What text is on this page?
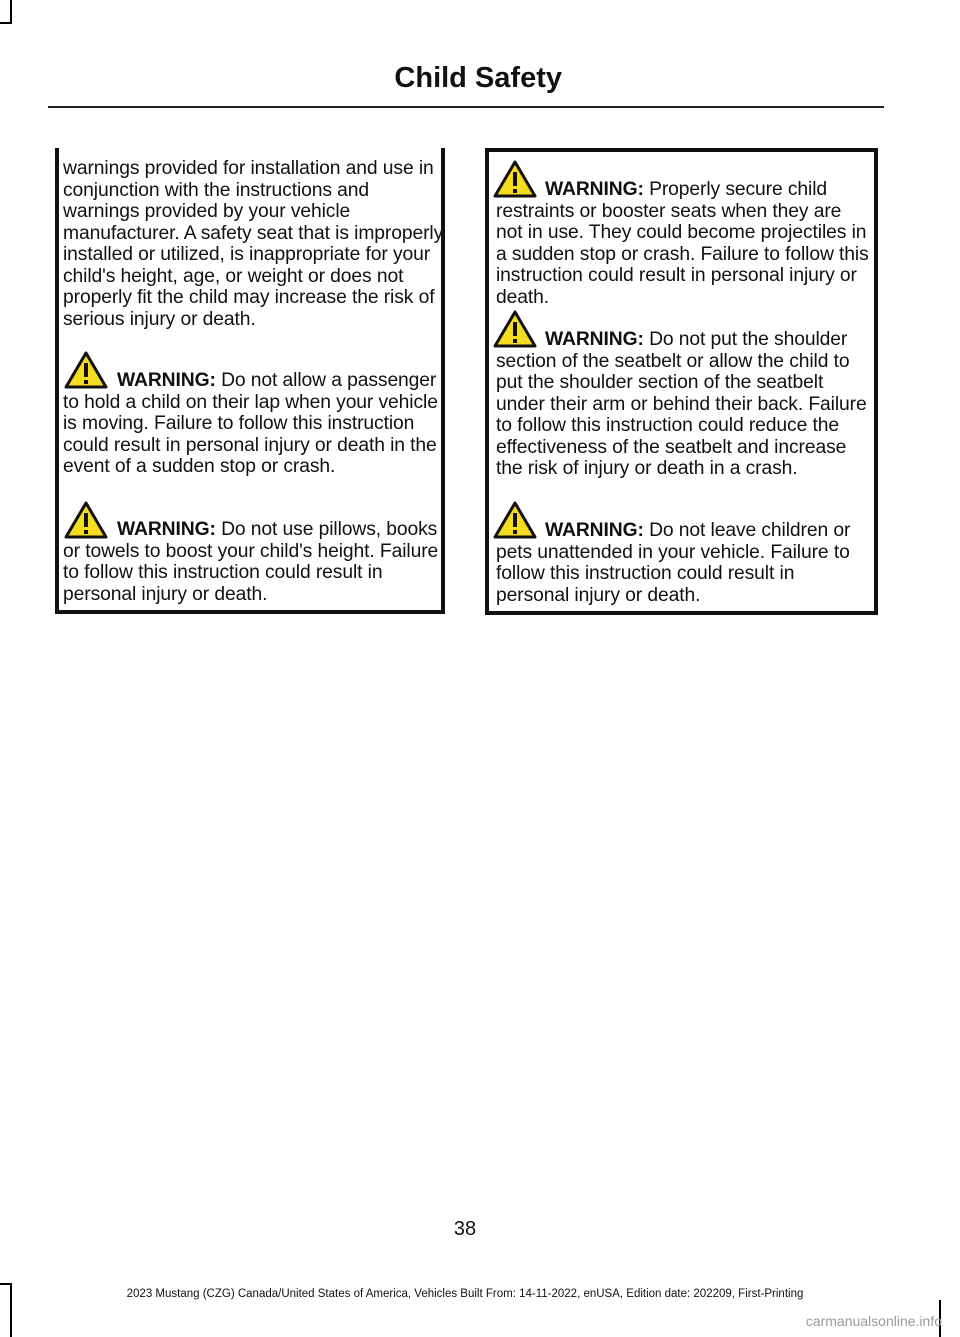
Child Safety

warnings provided for installation and use in conjunction with the instructions and warnings provided by your vehicle manufacturer. A safety seat that is improperly installed or utilized, is inappropriate for your child's height, age, or weight or does not properly fit the child may increase the risk of serious injury or death.

WARNING: Do not allow a passenger to hold a child on their lap when your vehicle is moving. Failure to follow this instruction could result in personal injury or death in the event of a sudden stop or crash.

WARNING: Do not use pillows, books or towels to boost your child's height. Failure to follow this instruction could result in personal injury or death.

WARNING: Properly secure child restraints or booster seats when they are not in use. They could become projectiles in a sudden stop or crash. Failure to follow this instruction could result in personal injury or death.

WARNING: Do not put the shoulder section of the seatbelt or allow the child to put the shoulder section of the seatbelt under their arm or behind their back. Failure to follow this instruction could reduce the effectiveness of the seatbelt and increase the risk of injury or death in a crash.

WARNING: Do not leave children or pets unattended in your vehicle. Failure to follow this instruction could result in personal injury or death.

38

2023 Mustang (CZG) Canada/United States of America, Vehicles Built From: 14-11-2022, enUSA, Edition date: 202209, First-Printing

carmanualsonline.info
